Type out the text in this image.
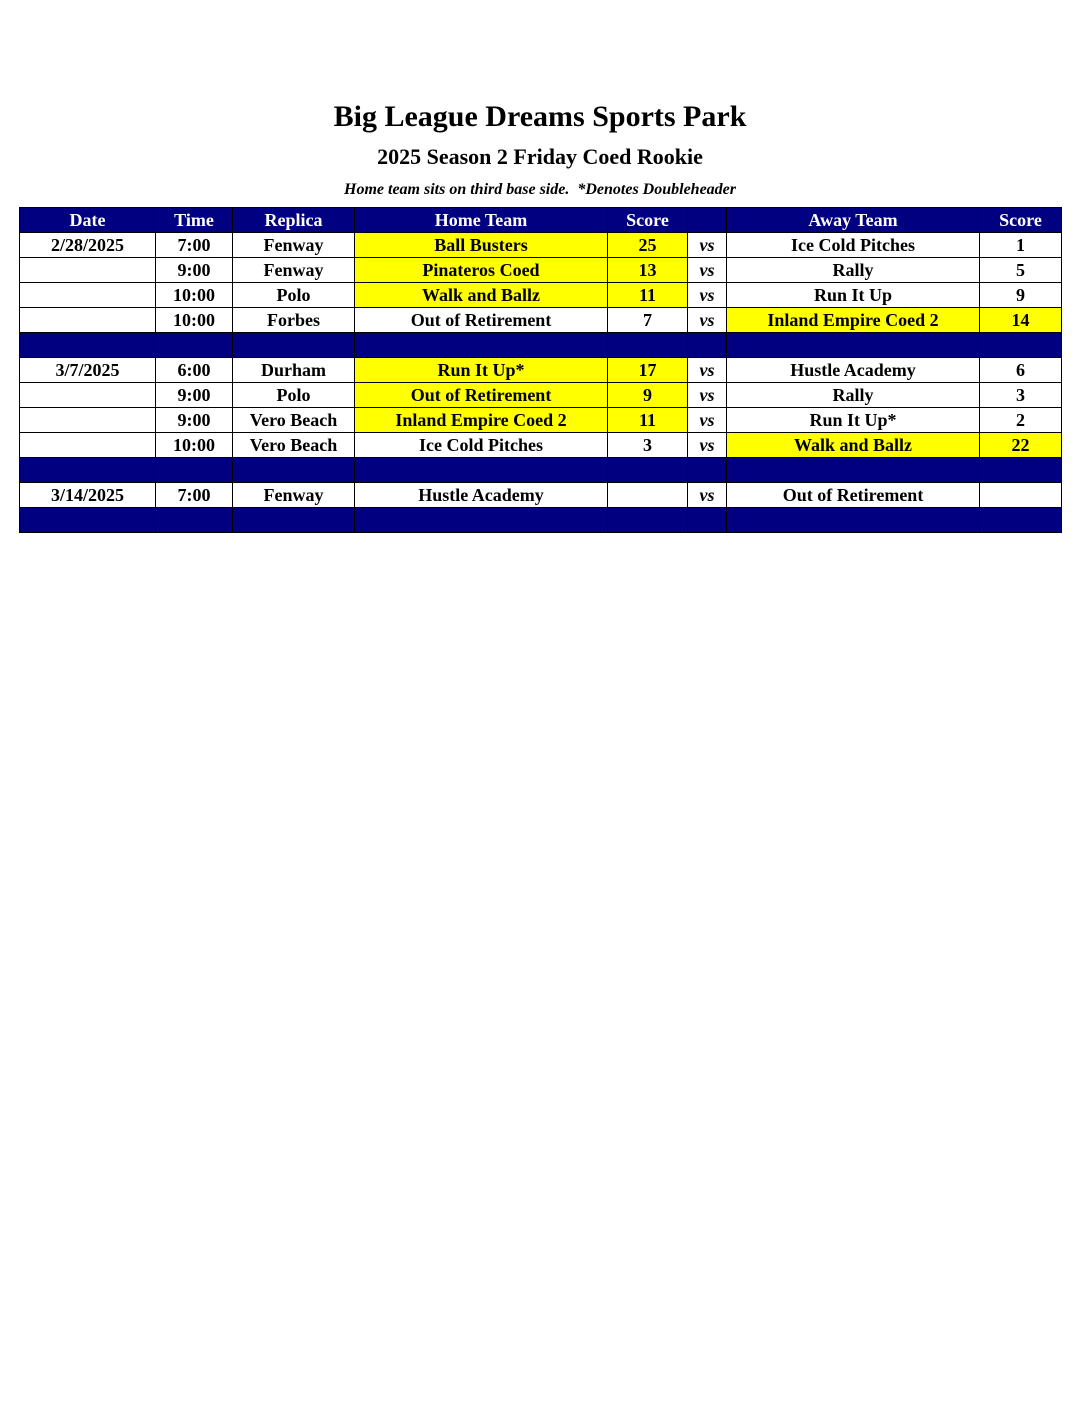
Big League Dreams Sports Park
2025 Season 2 Friday Coed Rookie
Home team sits on third base side.  *Denotes Doubleheader
Date	Time	Replica	Home Team	Score		Away Team	Score
2/28/2025	7:00	Fenway	Ball Busters	25	vs	Ice Cold Pitches	1
	9:00	Fenway	Pinateros Coed	13	vs	Rally	5
	10:00	Polo	Walk and Ballz	11	vs	Run It Up	9
	10:00	Forbes	Out of Retirement	7	vs	Inland Empire Coed 2	14

3/7/2025	6:00	Durham	Run It Up*	17	vs	Hustle Academy	6
	9:00	Polo	Out of Retirement	9	vs	Rally	3
	9:00	Vero Beach	Inland Empire Coed 2	11	vs	Run It Up*	2
	10:00	Vero Beach	Ice Cold Pitches	3	vs	Walk and Ballz	22

3/14/2025	7:00	Fenway	Hustle Academy		vs	Out of Retirement	
